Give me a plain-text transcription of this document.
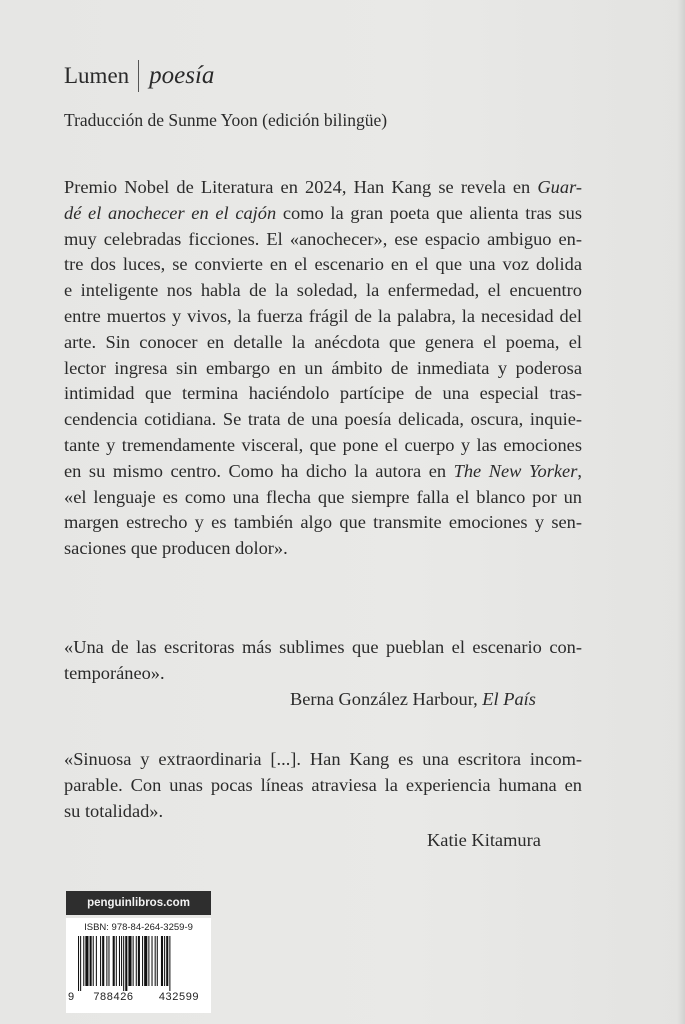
Lumen poesía
Traducción de Sunme Yoon (edición bilingüe)
Premio Nobel de Literatura en 2024, Han Kang se revela en Guar-
dé el anochecer en el cajón como la gran poeta que alienta tras sus
muy celebradas ficciones. El «anochecer», ese espacio ambiguo en-
tre dos luces, se convierte en el escenario en el que una voz dolida
e inteligente nos habla de la soledad, la enfermedad, el encuentro
entre muertos y vivos, la fuerza frágil de la palabra, la necesidad del
arte. Sin conocer en detalle la anécdota que genera el poema, el
lector ingresa sin embargo en un ámbito de inmediata y poderosa
intimidad que termina haciéndolo partícipe de una especial tras-
cendencia cotidiana. Se trata de una poesía delicada, oscura, inquie-
tante y tremendamente visceral, que pone el cuerpo y las emociones
en su mismo centro. Como ha dicho la autora en The New Yorker,
«el lenguaje es como una flecha que siempre falla el blanco por un
margen estrecho y es también algo que transmite emociones y sen-
saciones que producen dolor».
«Una de las escritoras más sublimes que pueblan el escenario con-
temporáneo».
Berna González Harbour, El País
«Sinuosa y extraordinaria [...]. Han Kang es una escritora incom-
parable. Con unas pocas líneas atraviesa la experiencia humana en
su totalidad».
Katie Kitamura
penguinlibros.com
ISBN: 978-84-264-3259-9
9	788426	432599
